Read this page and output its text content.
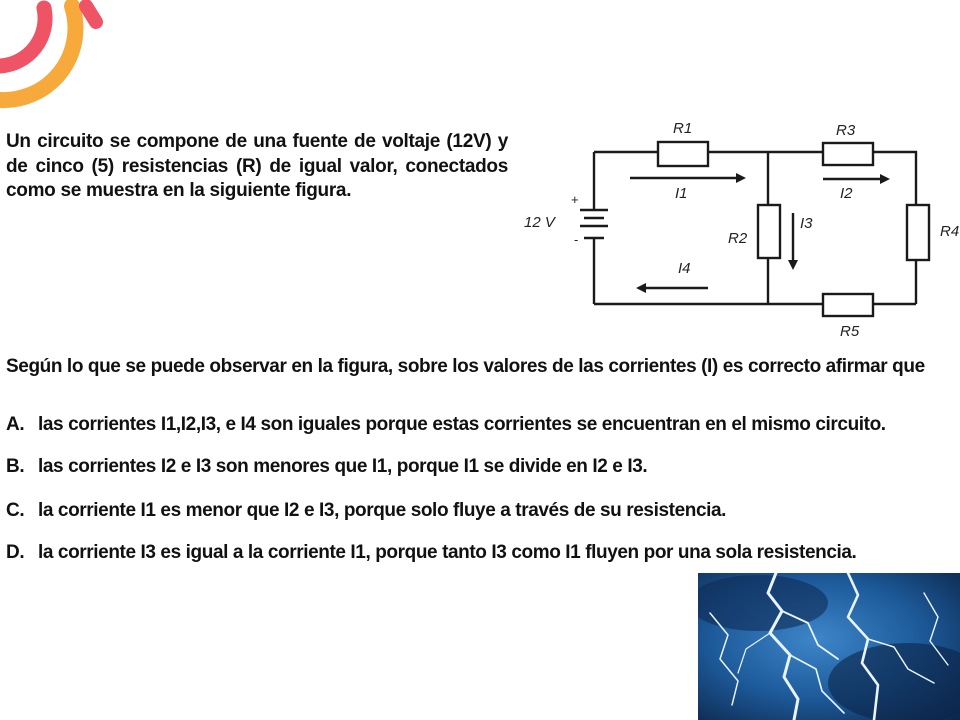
Un circuito se compone de una fuente de voltaje (12V) y de cinco (5) resistencias (R) de igual valor, conectados como se muestra en la siguiente figura.
R1	R3
R2	R4
R5
I1	I2
I3
I4
12 V
+
-
Según lo que se puede observar en la figura, sobre los valores de las corrientes (I) es correcto afirmar que
A. las corrientes I1,I2,I3, e I4 son iguales porque estas corrientes se encuentran en el mismo circuito.
B. las corrientes I2 e I3 son menores que I1, porque I1 se divide en I2 e I3.
C. la corriente I1 es menor que I2 e I3, porque solo fluye a través de su resistencia.
D. la corriente I3 es igual a la corriente I1, porque tanto I3 como I1 fluyen por una sola resistencia.
